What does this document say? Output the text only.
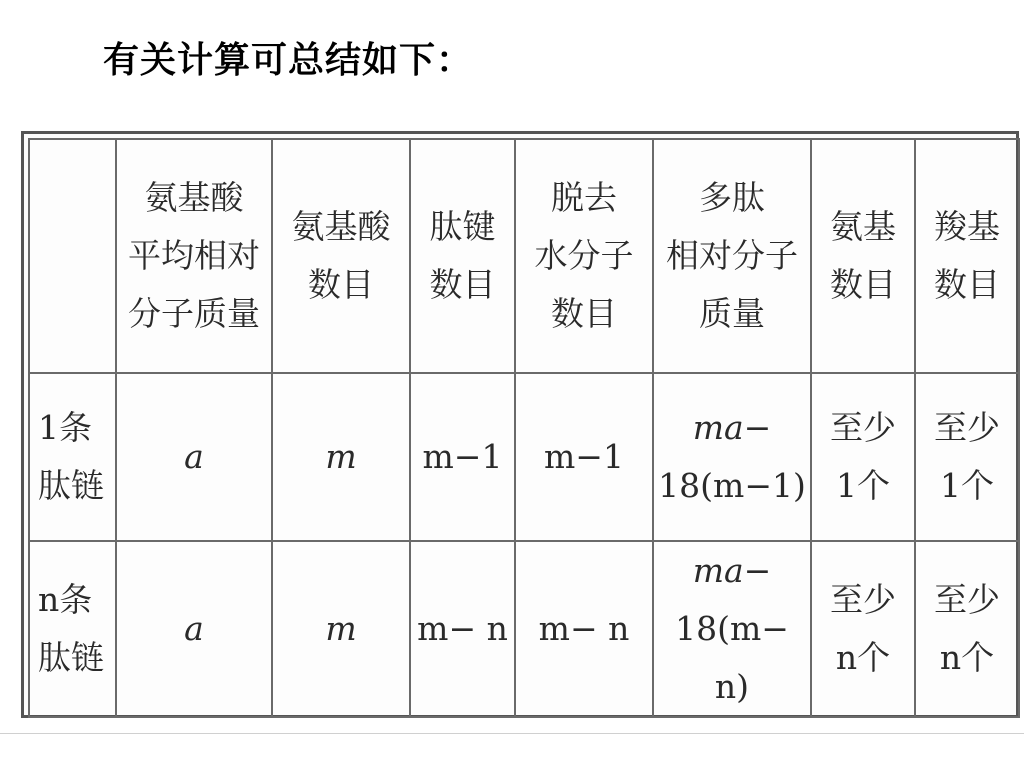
有关计算可总结如下：

	氨基酸
平均相对
分子质量	氨基酸
数目	肽键
数目	脱去
水分子
数目	多肽
相对分子
质量	氨基
数目	羧基
数目

1条
肽链	a	m	m−1	m−1	ma−
18(m−1)	至少
1个	至少
1个

n条
肽链	a	m	m− n	m− n	ma−
18(m− n)	至少
n个	至少
n个
